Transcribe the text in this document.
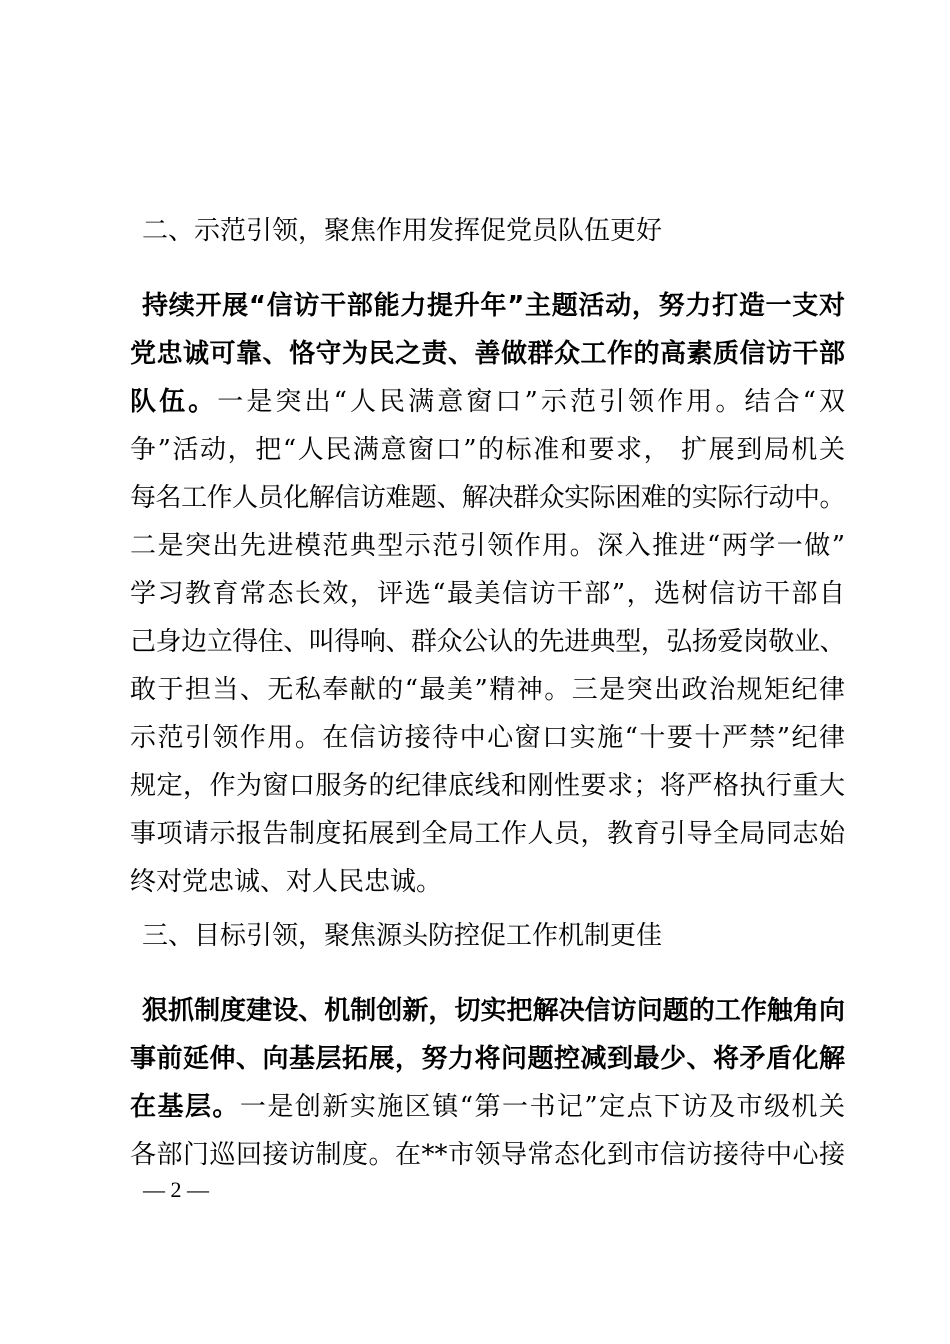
二、示范引领，聚焦作用发挥促党员队伍更好
持续开展“信访干部能力提升年”主题活动，努力打造一支对
党忠诚可靠、恪守为民之责、善做群众工作的高素质信访干部
队伍。一是突出“人民满意窗口”示范引领作用。结合“双
争”活动，把“人民满意窗口”的标准和要求， 扩展到局机关
每名工作人员化解信访难题、解决群众实际困难的实际行动中。
二是突出先进模范典型示范引领作用。深入推进“两学一做”
学习教育常态长效，评选“最美信访干部”，选树信访干部自
己身边立得住、叫得响、群众公认的先进典型，弘扬爱岗敬业、
敢于担当、无私奉献的“最美”精神。三是突出政治规矩纪律
示范引领作用。在信访接待中心窗口实施“十要十严禁”纪律
规定，作为窗口服务的纪律底线和刚性要求；将严格执行重大
事项请示报告制度拓展到全局工作人员，教育引导全局同志始
终对党忠诚、对人民忠诚。
三、目标引领，聚焦源头防控促工作机制更佳
狠抓制度建设、机制创新，切实把解决信访问题的工作触角向
事前延伸、向基层拓展，努力将问题控减到最少、将矛盾化解
在基层。一是创新实施区镇“第一书记”定点下访及市级机关
各部门巡回接访制度。在**市领导常态化到市信访接待中心接
— 2 —
